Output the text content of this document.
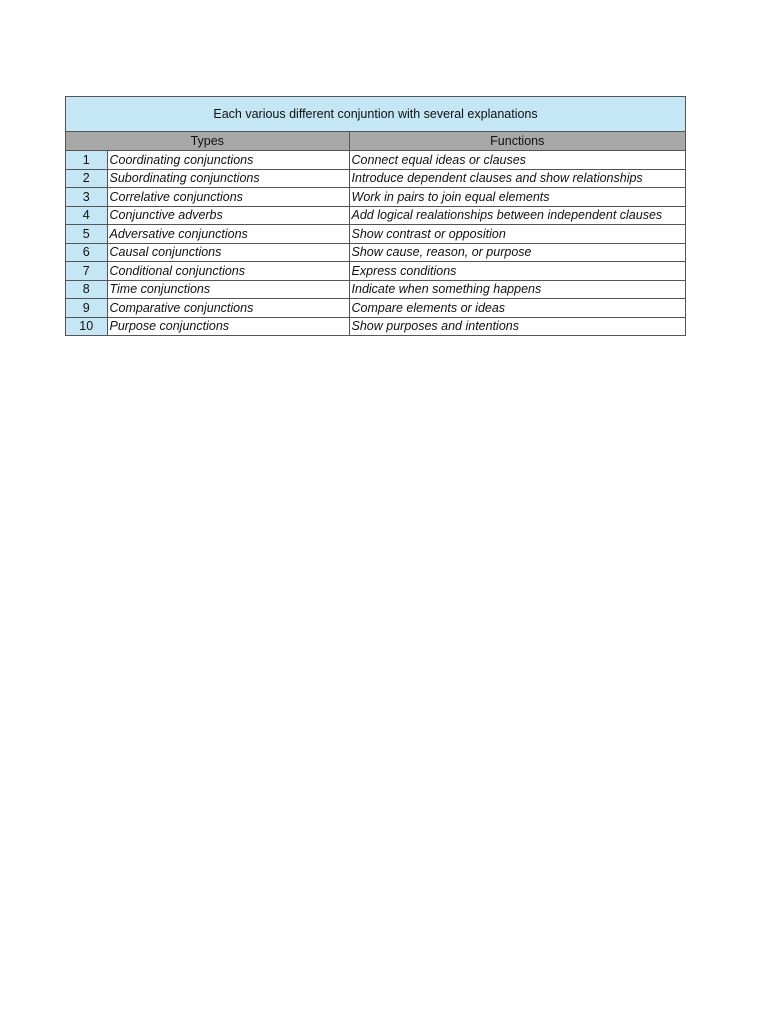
Each various different conjuntion with several explanations
Types		Functions
1	Coordinating conjunctions	Connect equal ideas or clauses
2	Subordinating conjunctions	Introduce dependent clauses and show relationships
3	Correlative conjunctions	Work in pairs to join equal elements
4	Conjunctive adverbs	Add logical realationships between independent clauses
5	Adversative conjunctions	Show contrast or opposition
6	Causal conjunctions	Show cause, reason, or purpose
7	Conditional conjunctions	Express conditions
8	Time conjunctions	Indicate when something happens
9	Comparative conjunctions	Compare elements or ideas
10	Purpose conjunctions	Show purposes and intentions
